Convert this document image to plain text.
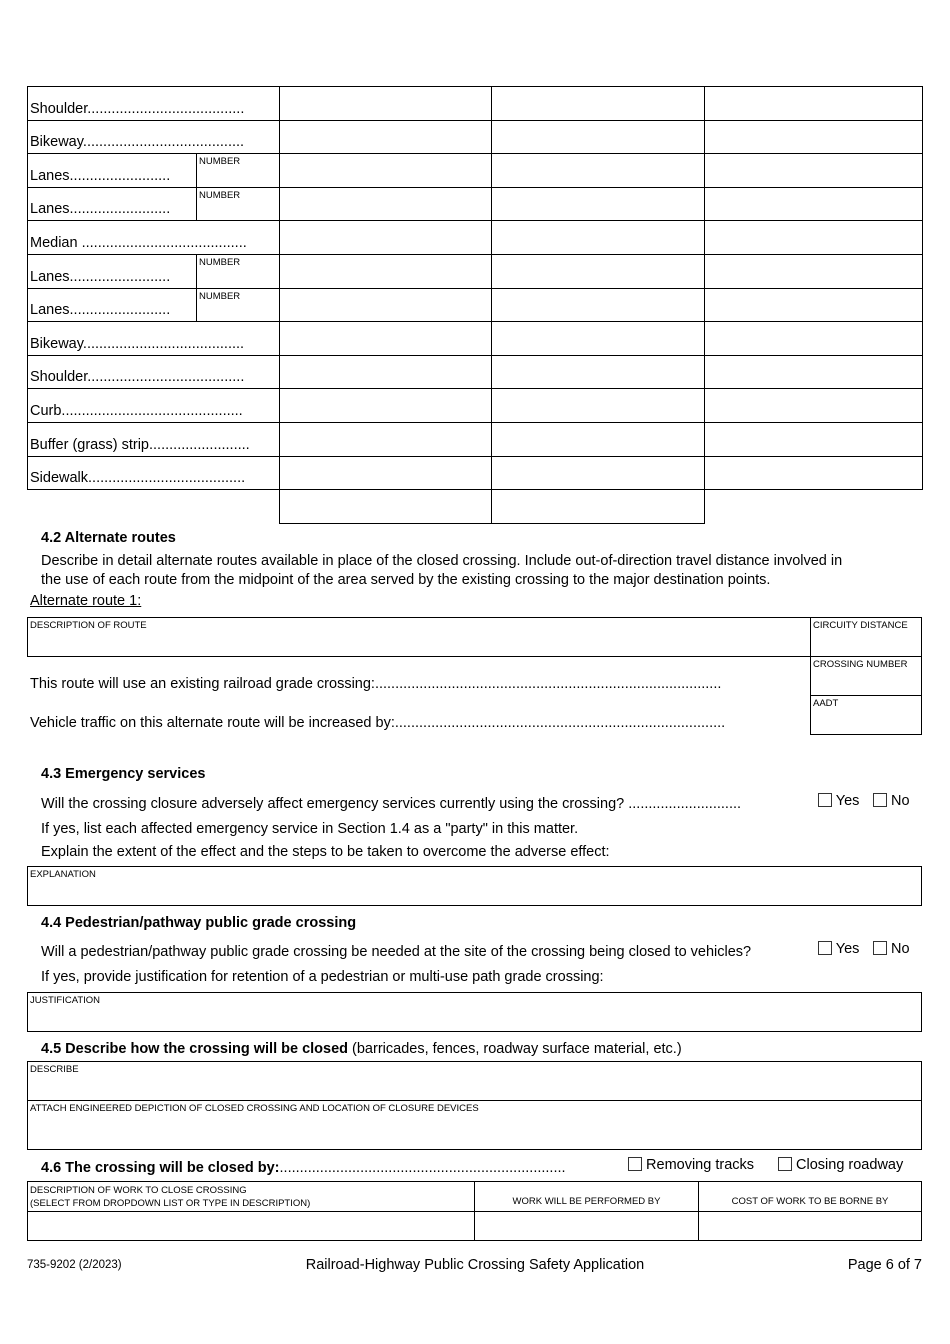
Shoulder.......................................
Bikeway........................................
Lanes.........................
NUMBER
Lanes.........................
NUMBER
Median .........................................
Lanes.........................
NUMBER
Lanes.........................
NUMBER
Bikeway........................................
Shoulder.......................................
Curb.............................................
Buffer (grass) strip.........................
Sidewalk.......................................
4.2 Alternate routes
Describe in detail alternate routes available in place of the closed crossing. Include out-of-direction travel distance involved in
the use of each route from the midpoint of the area served by the existing crossing to the major destination points.
Alternate route 1:
DESCRIPTION OF ROUTE	CIRCUITY DISTANCE
CROSSING NUMBER
AADT
This route will use an existing railroad grade crossing:......................................................................................
Vehicle traffic on this alternate route will be increased by:..................................................................................
4.3 Emergency services
Will the crossing closure adversely affect emergency services currently using the crossing? ............................	Yes	No
If yes, list each affected emergency service in Section 1.4 as a "party" in this matter.
Explain the extent of the effect and the steps to be taken to overcome the adverse effect:
EXPLANATION
4.4 Pedestrian/pathway public grade crossing
Will a pedestrian/pathway public grade crossing be needed at the site of the crossing being closed to vehicles?	Yes	No
If yes, provide justification for retention of a pedestrian or multi-use path grade crossing:
JUSTIFICATION
4.5 Describe how the crossing will be closed (barricades, fences, roadway surface material, etc.)
DESCRIBE
ATTACH ENGINEERED DEPICTION OF CLOSED CROSSING AND LOCATION OF CLOSURE DEVICES
4.6 The crossing will be closed by:.......................................................................	Removing tracks	Closing roadway
DESCRIPTION OF WORK TO CLOSE CROSSING
(SELECT FROM DROPDOWN LIST OR TYPE IN DESCRIPTION)	WORK WILL BE PERFORMED BY	COST OF WORK TO BE BORNE BY
735-9202 (2/2023)	Railroad-Highway Public Crossing Safety Application	Page 6 of 7
